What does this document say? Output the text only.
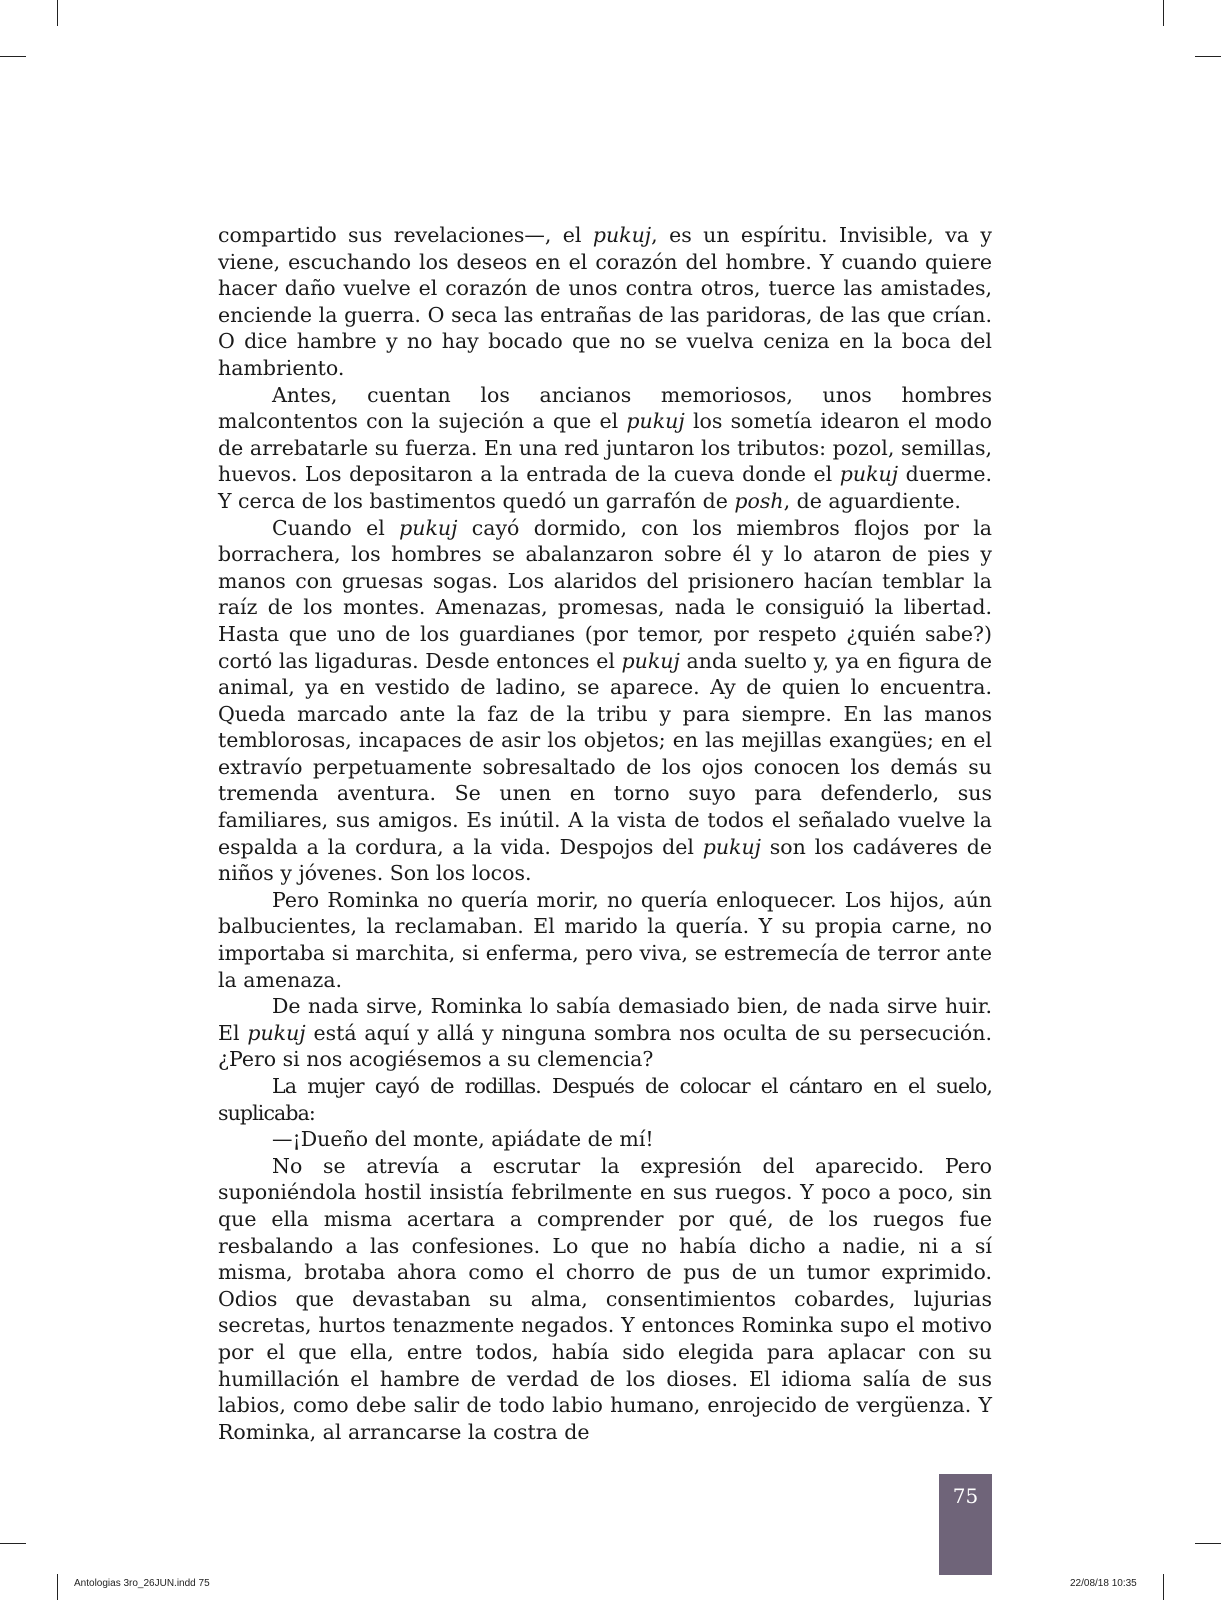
compartido sus revelaciones—, el pukuj, es un espíritu. Invisible, va y viene, escuchando los deseos en el corazón del hombre. Y cuando quiere hacer daño vuelve el corazón de unos contra otros, tuerce las amistades, enciende la guerra. O seca las entrañas de las paridoras, de las que crían. O dice hambre y no hay bocado que no se vuelva ceniza en la boca del hambriento.

Antes, cuentan los ancianos memoriosos, unos hombres malcontentos con la sujeción a que el pukuj los sometía idearon el modo de arrebatarle su fuerza. En una red juntaron los tributos: pozol, semillas, huevos. Los depositaron a la entrada de la cueva donde el pukuj duerme. Y cerca de los bastimentos quedó un garrafón de posh, de aguardiente.

Cuando el pukuj cayó dormido, con los miembros flojos por la borrachera, los hombres se abalanzaron sobre él y lo ataron de pies y manos con gruesas sogas. Los alaridos del prisionero hacían temblar la raíz de los montes. Amenazas, promesas, nada le consiguió la libertad. Hasta que uno de los guardianes (por temor, por respeto ¿quién sabe?) cortó las ligaduras. Desde entonces el pukuj anda suelto y, ya en figura de animal, ya en vestido de ladino, se aparece. Ay de quien lo encuentra. Queda marcado ante la faz de la tribu y para siempre. En las manos temblorosas, incapaces de asir los objetos; en las mejillas exangües; en el extravío perpetuamente sobresaltado de los ojos conocen los demás su tremenda aventura. Se unen en torno suyo para defenderlo, sus familiares, sus amigos. Es inútil. A la vista de todos el señalado vuelve la espalda a la cordura, a la vida. Despojos del pukuj son los cadáveres de niños y jóvenes. Son los locos.

Pero Rominka no quería morir, no quería enloquecer. Los hijos, aún balbucientes, la reclamaban. El marido la quería. Y su propia carne, no importaba si marchita, si enferma, pero viva, se estremecía de terror ante la amenaza.

De nada sirve, Rominka lo sabía demasiado bien, de nada sirve huir. El pukuj está aquí y allá y ninguna sombra nos oculta de su persecución. ¿Pero si nos acogiésemos a su clemencia?

La mujer cayó de rodillas. Después de colocar el cántaro en el suelo, suplicaba:

—¡Dueño del monte, apiádate de mí!

No se atrevía a escrutar la expresión del aparecido. Pero suponiéndola hostil insistía febrilmente en sus ruegos. Y poco a poco, sin que ella misma acertara a comprender por qué, de los ruegos fue resbalando a las confesiones. Lo que no había dicho a nadie, ni a sí misma, brotaba ahora como el chorro de pus de un tumor exprimido. Odios que devastaban su alma, consentimientos cobardes, lujurias secretas, hurtos tenazmente negados. Y entonces Rominka supo el motivo por el que ella, entre todos, había sido elegida para aplacar con su humillación el hambre de verdad de los dioses. El idioma salía de sus labios, como debe salir de todo labio humano, enrojecido de vergüenza. Y Rominka, al arrancarse la costra de

75
Antologias 3ro_26JUN.indd 75	22/08/18 10:35
